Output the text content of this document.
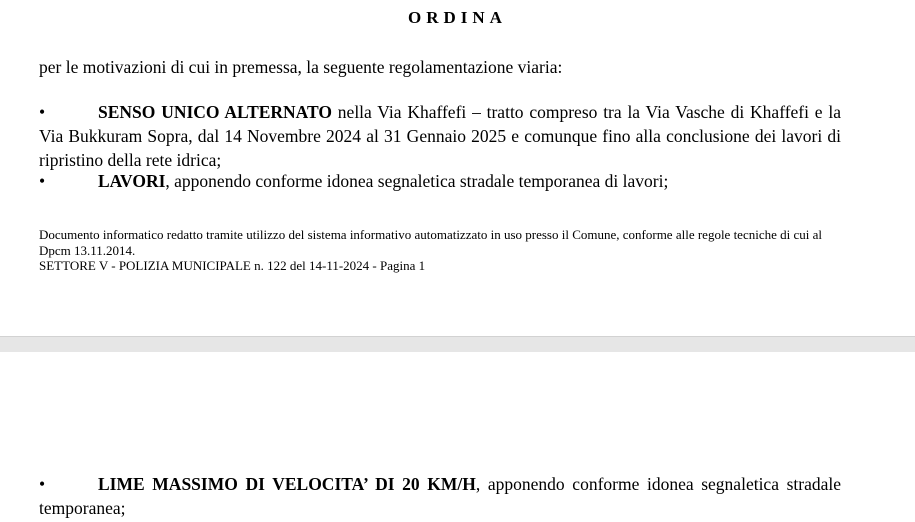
ORDINA

per le motivazioni di cui in premessa, la seguente regolamentazione viaria:

•	SENSO UNICO ALTERNATO nella Via Khaffefi – tratto compreso tra la Via Vasche di Khaffefi e la Via Bukkuram Sopra, dal 14 Novembre 2024 al 31 Gennaio 2025 e comunque fino alla conclusione dei lavori di ripristino della rete idrica;

•	LAVORI, apponendo conforme idonea segnaletica stradale temporanea di lavori;

Documento informatico redatto tramite utilizzo del sistema informativo automatizzato in uso presso il Comune, conforme alle regole tecniche di cui al Dpcm 13.11.2014.
SETTORE V - POLIZIA MUNICIPALE n. 122 del 14-11-2024 - Pagina 1
•	LIME MASSIMO DI VELOCITA’ DI 20 KM/H, apponendo conforme idonea segnaletica stradale temporanea;
